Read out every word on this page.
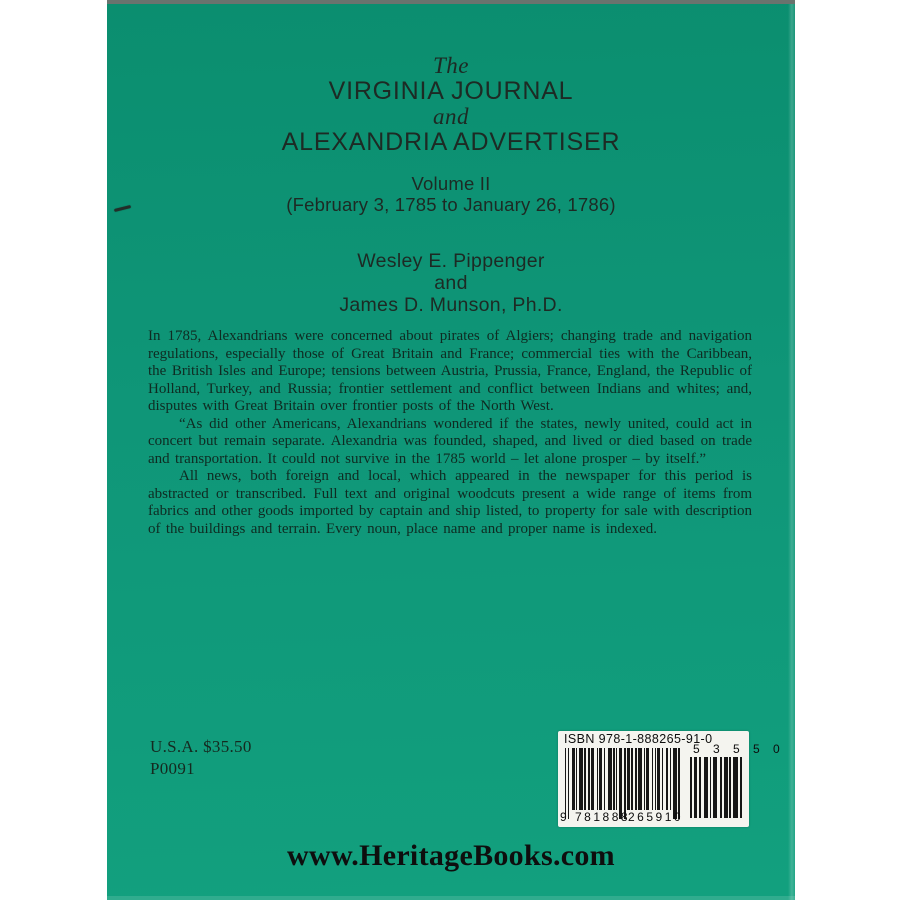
The
VIRGINIA JOURNAL
and
ALEXANDRIA ADVERTISER
Volume II
(February 3, 1785 to January 26, 1786)
Wesley E. Pippenger
and
James D. Munson, Ph.D.

In 1785, Alexandrians were concerned about pirates of Algiers; changing trade and navigation regulations, especially those of Great Britain and France; commercial ties with the Caribbean, the British Isles and Europe; tensions between Austria, Prussia, France, England, the Republic of Holland, Turkey, and Russia; frontier settlement and conflict between Indians and whites; and, disputes with Great Britain over frontier posts of the North West.

“As did other Americans, Alexandrians wondered if the states, newly united, could act in concert but remain separate. Alexandria was founded, shaped, and lived or died based on trade and transportation. It could not survive in the 1785 world – let alone prosper – by itself.”

All news, both foreign and local, which appeared in the newspaper for this period is abstracted or transcribed. Full text and original woodcuts present a wide range of items from fabrics and other goods imported by captain and ship listed, to property for sale with description of the buildings and terrain. Every noun, place name and proper name is indexed.

U.S.A. $35.50
P0091
ISBN 978-1-888265-91-0
9 781888
265910
5 3 5 5 0
www.HeritageBooks.com
